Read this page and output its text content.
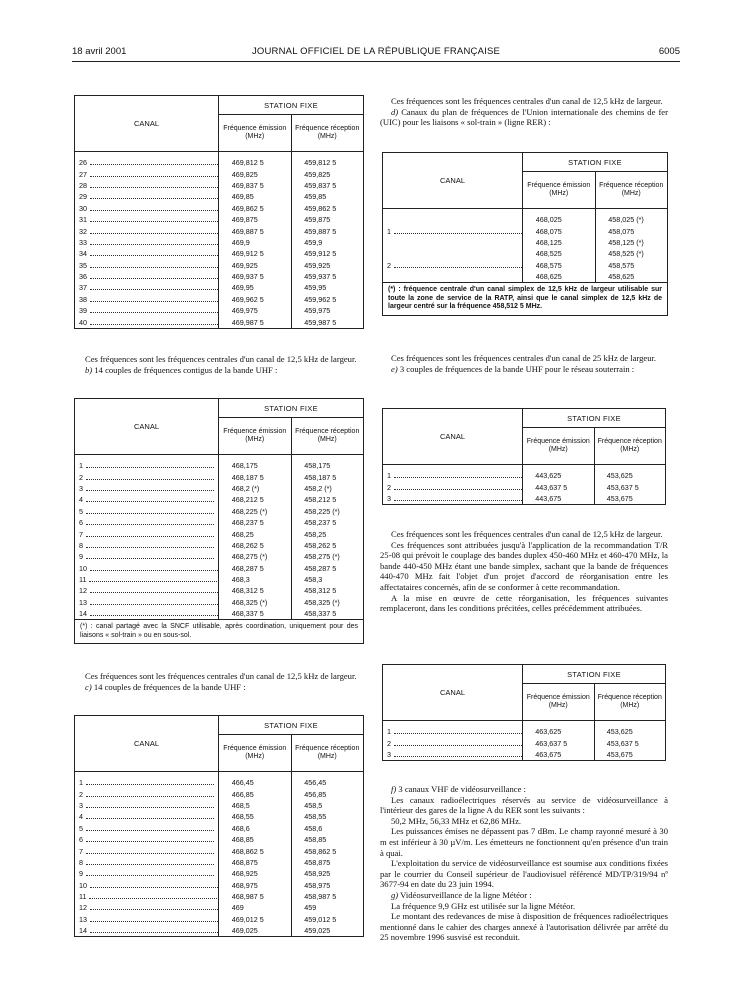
18 avril 2001	JOURNAL OFFICIEL DE LA RÉPUBLIQUE FRANÇAISE	6005
CANAL	STATION FIXE	
	Fréquence émission (MHz)	Fréquence réception (MHz)

26	469,812 5	459,812 5
27	469,825	459,825
28	469,837 5	459,837 5
29	469,85	459,85
30	469,862 5	459,862 5
31	469,875	459,875
32	469,887 5	459,887 5
33	469,9	459,9
34	469,912 5	459,912 5
35	469,925	459,925
36	469,937 5	459,937 5
37	469,95	459,95
38	469,962 5	459,962 5
39	469,975	459,975
40	469,987 5	459,987 5

Ces fréquences sont les fréquences centrales d'un canal de 12,5 kHz de largeur.

b) 14 couples de fréquences contigus de la bande UHF :

CANAL	STATION FIXE	
	Fréquence émission (MHz)	Fréquence réception (MHz)

1	468,175	458,175
2	468,187 5	458,187 5
3	468,2 (*)	458,2 (*)
4	468,212 5	458,212 5
5	468,225 (*)	458,225 (*)
6	468,237 5	458,237 5
7	468,25	458,25
8	468,262 5	458,262 5
9	468,275 (*)	458,275 (*)
10	468,287 5	458,287 5
11	468,3	458,3
12	468,312 5	458,312 5
13	468,325 (*)	458,325 (*)
14	468,337 5	458,337 5
(*) : canal partagé avec la SNCF utilisable, après coordination, uniquement pour des liaisons « sol-train » ou en sous-sol.		

Ces fréquences sont les fréquences centrales d'un canal de 12,5 kHz de largeur.

c) 14 couples de fréquences de la bande UHF :

CANAL	STATION FIXE	
	Fréquence émission (MHz)	Fréquence réception (MHz)

1	466,45	456,45
2	466,85	456,85
3	468,5	458,5
4	468,55	458,55
5	468,6	458,6
6	468,85	458,85
7	468,862 5	458,862 5
8	468,875	458,875
9	468,925	458,925
10	468,975	458,975
11	468,987 5	458,987 5
12	469	459
13	469,012 5	459,012 5
14	469,025	459,025

Ces fréquences sont les fréquences centrales d'un canal de 12,5 kHz de largeur.

d) Canaux du plan de fréquences de l'Union internationale des chemins de fer (UIC) pour les liaisons « sol-train » (ligne RER) :

CANAL	STATION FIXE	
	Fréquence émission (MHz)	Fréquence réception (MHz)

	468,025	458,025 (*)
1	468,075	458,075
	468,125	458,125 (*)
	468,525	458,525 (*)
2	468,575	458,575
	468,625	458,625
(*) : fréquence centrale d'un canal simplex de 12,5 kHz de largeur utilisable sur toute la zone de service de la RATP, ainsi que le canal simplex de 12,5 kHz de largeur centré sur la fréquence 458,512 5 MHz.		

Ces fréquences sont les fréquences centrales d'un canal de 25 kHz de largeur.

e) 3 couples de fréquences de la bande UHF pour le réseau souterrain :

CANAL	STATION FIXE	
	Fréquence émission (MHz)	Fréquence réception (MHz)

1	443,625	453,625
2	443,637 5	453,637 5
3	443,675	453,675

Ces fréquences sont les fréquences centrales d'un canal de 12,5 kHz de largeur.

Ces fréquences sont attribuées jusqu'à l'application de la recommandation T/R 25-08 qui prévoit le couplage des bandes duplex 450-460 MHz et 460-470 MHz, la bande 440-450 MHz étant une bande simplex, sachant que la bande de fréquences 440-470 MHz fait l'objet d'un projet d'accord de réorganisation entre les affectataires concernés, afin de se conformer à cette recommandation.

A la mise en œuvre de cette réorganisation, les fréquences suivantes remplaceront, dans les conditions précitées, celles précédemment attribuées.

CANAL	STATION FIXE	
	Fréquence émission (MHz)	Fréquence réception (MHz)

1	463,625	453,625
2	463,637 5	453,637 5
3	463,675	453,675

f) 3 canaux VHF de vidéosurveillance :

Les canaux radioélectriques réservés au service de vidéosurveillance à l'intérieur des gares de la ligne A du RER sont les suivants :

50,2 MHz, 56,33 MHz et 62,86 MHz.

Les puissances émises ne dépassent pas 7 dBm. Le champ rayonné mesuré à 30 m est inférieur à 30 µV/m. Les émetteurs ne fonctionnent qu'en présence d'un train à quai.

L'exploitation du service de vidéosurveillance est soumise aux conditions fixées par le courrier du Conseil supérieur de l'audiovisuel référencé MD/TP/319/94 nº 3677-94 en date du 23 juin 1994.

g) Vidéosurveillance de la ligne Météor :

La fréquence 9,9 GHz est utilisée sur la ligne Météor.

Le montant des redevances de mise à disposition de fréquences radioélectriques mentionné dans le cahier des charges annexé à l'autorisation délivrée par arrêté du 25 novembre 1996 susvisé est reconduit.
